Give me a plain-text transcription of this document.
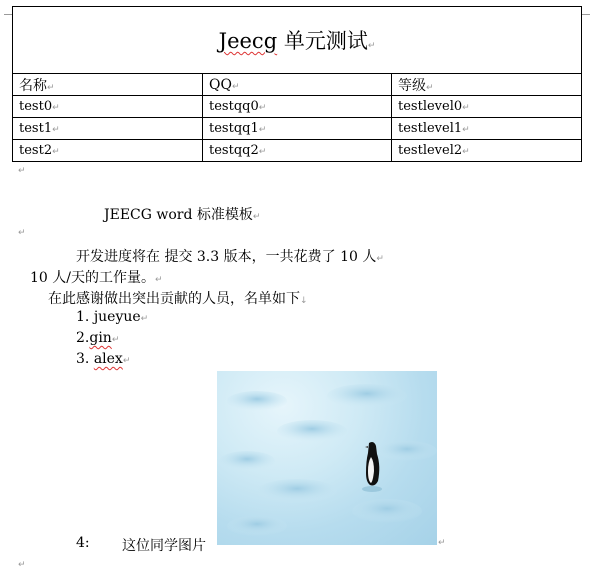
Jeecg 单元测试↵		
名称↵	QQ↵	等级↵
test0↵	testqq0↵	testlevel0↵
test1↵	testqq1↵	testlevel1↵
test2↵	testqq2↵	testlevel2↵
↵
JEECG word 标准模板↵
↵
开发进度将在 提交 3.3 版本，一共花费了 10 人↵
10 人/天的工作量。↵
在此感谢做出突出贡献的人员，名单如下↓
1. jueyue↵
2.gin↵
3. alex↵
4: 这位同学图片	↵
↵
